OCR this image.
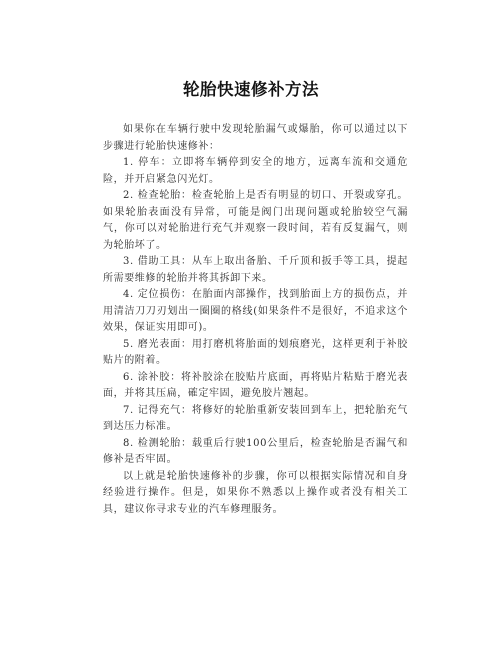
轮胎快速修补方法

如果你在车辆行驶中发现轮胎漏气或爆胎，你可以通过以下步骤进行轮胎快速修补：

1. 停车：立即将车辆停到安全的地方，远离车流和交通危险，并开启紧急闪光灯。

2. 检查轮胎：检查轮胎上是否有明显的切口、开裂或穿孔。如果轮胎表面没有异常，可能是阀门出现问题或轮胎较空气漏气，你可以对轮胎进行充气并观察一段时间，若有反复漏气，则为轮胎坏了。

3. 借助工具：从车上取出备胎、千斤顶和扳手等工具，提起所需要维修的轮胎并将其拆卸下来。

4. 定位损伤：在胎面内部操作，找到胎面上方的损伤点，并用清洁刀刀刃划出一圈圈的格线(如果条件不是很好，不追求这个效果，保证实用即可)。

5. 磨光表面：用打磨机将胎面的划痕磨光，这样更利于补胶贴片的附着。

6. 涂补胶：将补胶涂在胶贴片底面，再将贴片粘贴于磨光表面，并将其压扁，確定牢固，避免胶片翘起。

7. 记得充气：将修好的轮胎重新安装回到车上，把轮胎充气到达压力标准。

8. 检测轮胎：载重后行驶100公里后，检查轮胎是否漏气和修补是否牢固。

以上就是轮胎快速修补的步骤，你可以根据实际情况和自身经验进行操作。但是，如果你不熟悉以上操作或者没有相关工具，建议你寻求专业的汽车修理服务。
